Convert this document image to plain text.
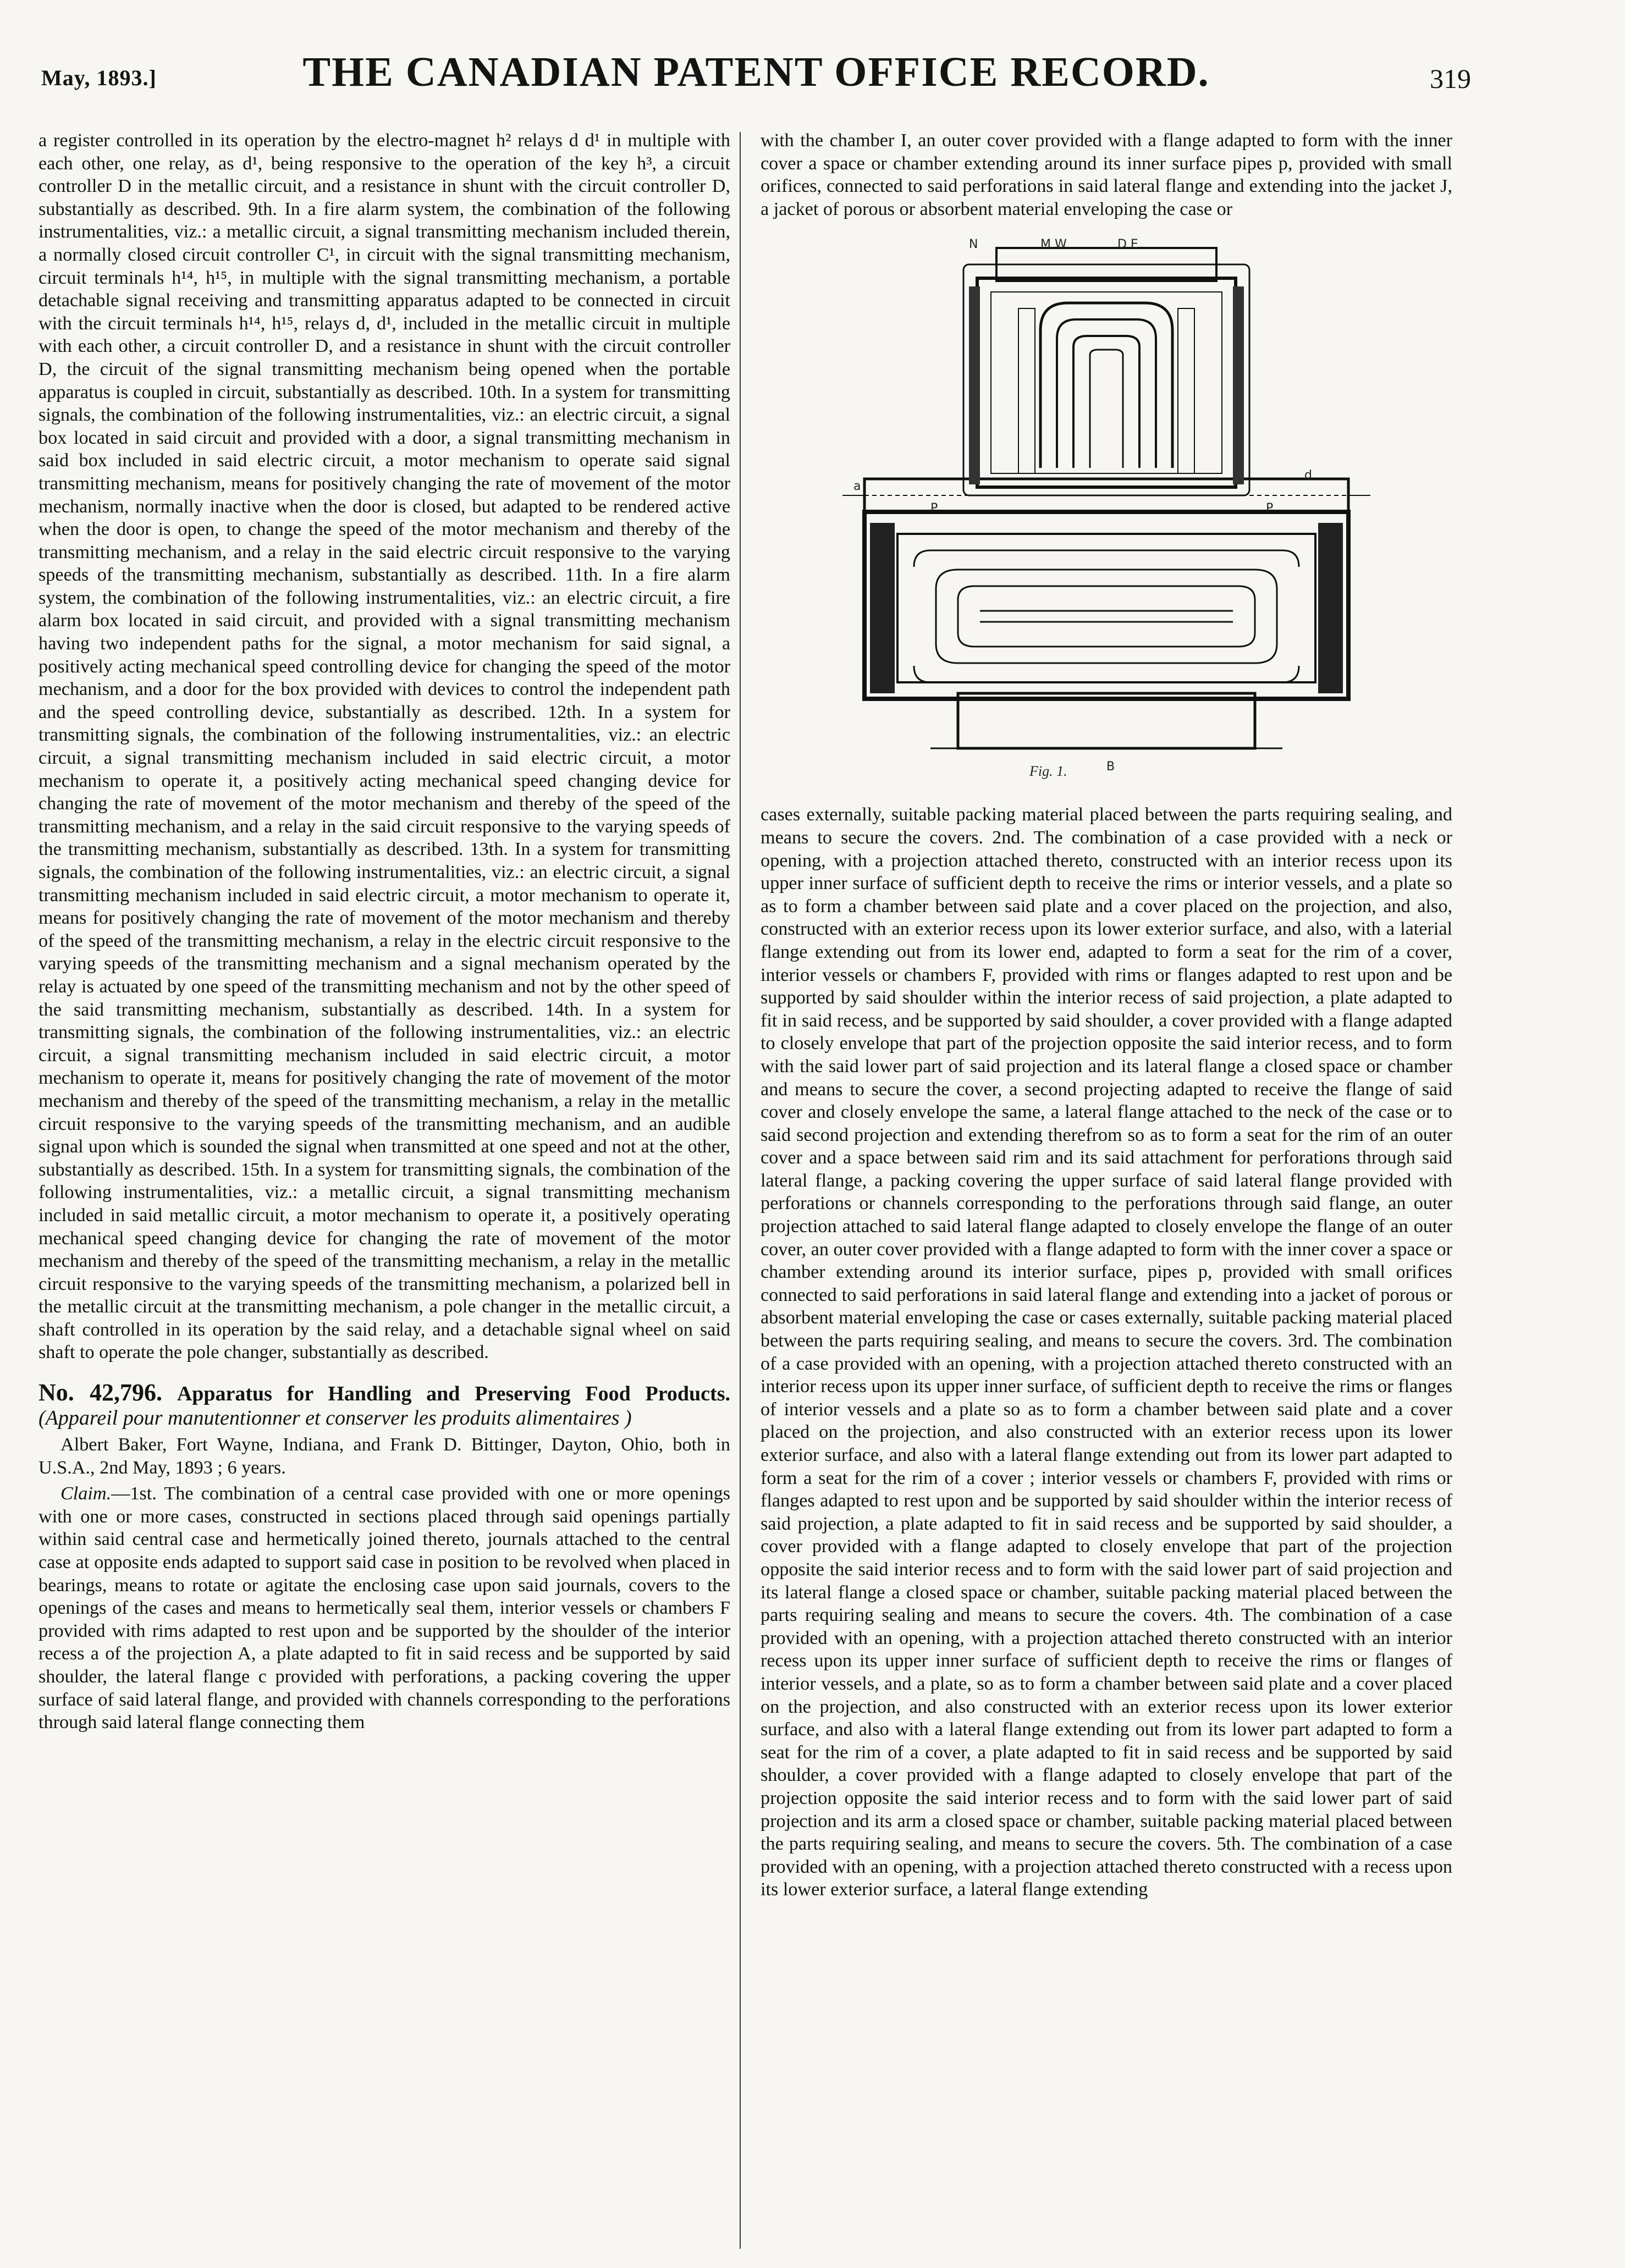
May, 1893.]	THE CANADIAN PATENT OFFICE RECORD.	319

a register controlled in its operation by the electro-magnet h² relays d d¹ in multiple with each other, one relay, as d¹, being responsive to the operation of the key h³, a circuit controller D in the metallic circuit, and a resistance in shunt with the circuit controller D, substantially as described. 9th. In a fire alarm system, the combination of the following instrumentalities, viz.: a metallic circuit, a signal transmitting mechanism included therein, a normally closed circuit controller C¹, in circuit with the signal transmitting mechanism, circuit terminals h¹⁴, h¹⁵, in multiple with the signal transmitting mechanism, a portable detachable signal receiving and transmitting apparatus adapted to be connected in circuit with the circuit terminals h¹⁴, h¹⁵, relays d, d¹, included in the metallic circuit in multiple with each other, a circuit controller D, and a resistance in shunt with the circuit controller D, the circuit of the signal transmitting mechanism being opened when the portable apparatus is coupled in circuit, substantially as described. 10th. In a system for transmitting signals, the combination of the following instrumentalities, viz.: an electric circuit, a signal box located in said circuit and provided with a door, a signal transmitting mechanism in said box included in said electric circuit, a motor mechanism to operate said signal transmitting mechanism, means for positively changing the rate of movement of the motor mechanism, normally inactive when the door is closed, but adapted to be rendered active when the door is open, to change the speed of the motor mechanism and thereby of the transmitting mechanism, and a relay in the said electric circuit responsive to the varying speeds of the transmitting mechanism, substantially as described. 11th. In a fire alarm system, the combination of the following instrumentalities, viz.: an electric circuit, a fire alarm box located in said circuit, and provided with a signal transmitting mechanism having two independent paths for the signal, a motor mechanism for said signal, a positively acting mechanical speed controlling device for changing the speed of the motor mechanism, and a door for the box provided with devices to control the independent path and the speed controlling device, substantially as described. 12th. In a system for transmitting signals, the combination of the following instrumentalities, viz.: an electric circuit, a signal transmitting mechanism included in said electric circuit, a motor mechanism to operate it, a positively acting mechanical speed changing device for changing the rate of movement of the motor mechanism and thereby of the speed of the transmitting mechanism, and a relay in the said circuit responsive to the varying speeds of the transmitting mechanism, substantially as described. 13th. In a system for transmitting signals, the combination of the following instrumentalities, viz.: an electric circuit, a signal transmitting mechanism included in said electric circuit, a motor mechanism to operate it, means for positively changing the rate of movement of the motor mechanism and thereby of the speed of the transmitting mechanism, a relay in the electric circuit responsive to the varying speeds of the transmitting mechanism and a signal mechanism operated by the relay is actuated by one speed of the transmitting mechanism and not by the other speed of the said transmitting mechanism, substantially as described. 14th. In a system for transmitting signals, the combination of the following instrumentalities, viz.: an electric circuit, a signal transmitting mechanism included in said electric circuit, a motor mechanism to operate it, means for positively changing the rate of movement of the motor mechanism and thereby of the speed of the transmitting mechanism, a relay in the metallic circuit responsive to the varying speeds of the transmitting mechanism, and an audible signal upon which is sounded the signal when transmitted at one speed and not at the other, substantially as described. 15th. In a system for transmitting signals, the combination of the following instrumentalities, viz.: a metallic circuit, a signal transmitting mechanism included in said metallic circuit, a motor mechanism to operate it, a positively operating mechanical speed changing device for changing the rate of movement of the motor mechanism and thereby of the speed of the transmitting mechanism, a relay in the metallic circuit responsive to the varying speeds of the transmitting mechanism, a polarized bell in the metallic circuit at the transmitting mechanism, a pole changer in the metallic circuit, a shaft controlled in its operation by the said relay, and a detachable signal wheel on said shaft to operate the pole changer, substantially as described.

No. 42,796. Apparatus for Handling and Preserving Food Products. (Appareil pour manutentionner et conserver les produits alimentaires )

Albert Baker, Fort Wayne, Indiana, and Frank D. Bittinger, Dayton, Ohio, both in U.S.A., 2nd May, 1893 ; 6 years.

Claim.—1st. The combination of a central case provided with one or more openings with one or more cases, constructed in sections placed through said openings partially within said central case and hermetically joined thereto, journals attached to the central case at opposite ends adapted to support said case in position to be revolved when placed in bearings, means to rotate or agitate the enclosing case upon said journals, covers to the openings of the cases and means to hermetically seal them, interior vessels or chambers F provided with rims adapted to rest upon and be supported by the shoulder of the interior recess a of the projection A, a plate adapted to fit in said recess and be supported by said shoulder, the lateral flange c provided with perforations, a packing covering the upper surface of said lateral flange, and provided with channels corresponding to the perforations through said lateral flange connecting them

with the chamber I, an outer cover provided with a flange adapted to form with the inner cover a space or chamber extending around its inner surface pipes p, provided with small orifices, connected to said perforations in said lateral flange and extending into the jacket J, a jacket of porous or absorbent material enveloping the case or

N	M W	D E
P	P
a
d
B
Fig. 1.

cases externally, suitable packing material placed between the parts requiring sealing, and means to secure the covers. 2nd. The combination of a case provided with a neck or opening, with a projection attached thereto, constructed with an interior recess upon its upper inner surface of sufficient depth to receive the rims or interior vessels, and a plate so as to form a chamber between said plate and a cover placed on the projection, and also, constructed with an exterior recess upon its lower exterior surface, and also, with a laterial flange extending out from its lower end, adapted to form a seat for the rim of a cover, interior vessels or chambers F, provided with rims or flanges adapted to rest upon and be supported by said shoulder within the interior recess of said projection, a plate adapted to fit in said recess, and be supported by said shoulder, a cover provided with a flange adapted to closely envelope that part of the projection opposite the said interior recess, and to form with the said lower part of said projection and its lateral flange a closed space or chamber and means to secure the cover, a second projecting adapted to receive the flange of said cover and closely envelope the same, a lateral flange attached to the neck of the case or to said second projection and extending therefrom so as to form a seat for the rim of an outer cover and a space between said rim and its said attachment for perforations through said lateral flange, a packing covering the upper surface of said lateral flange provided with perforations or channels corresponding to the perforations through said flange, an outer projection attached to said lateral flange adapted to closely envelope the flange of an outer cover, an outer cover provided with a flange adapted to form with the inner cover a space or chamber extending around its interior surface, pipes p, provided with small orifices connected to said perforations in said lateral flange and extending into a jacket of porous or absorbent material enveloping the case or cases externally, suitable packing material placed between the parts requiring sealing, and means to secure the covers. 3rd. The combination of a case provided with an opening, with a projection attached thereto constructed with an interior recess upon its upper inner surface, of sufficient depth to receive the rims or flanges of interior vessels and a plate so as to form a chamber between said plate and a cover placed on the projection, and also constructed with an exterior recess upon its lower exterior surface, and also with a lateral flange extending out from its lower part adapted to form a seat for the rim of a cover ; interior vessels or chambers F, provided with rims or flanges adapted to rest upon and be supported by said shoulder within the interior recess of said projection, a plate adapted to fit in said recess and be supported by said shoulder, a cover provided with a flange adapted to closely envelope that part of the projection opposite the said interior recess and to form with the said lower part of said projection and its lateral flange a closed space or chamber, suitable packing material placed between the parts requiring sealing and means to secure the covers. 4th. The combination of a case provided with an opening, with a projection attached thereto constructed with an interior recess upon its upper inner surface of sufficient depth to receive the rims or flanges of interior vessels, and a plate, so as to form a chamber between said plate and a cover placed on the projection, and also constructed with an exterior recess upon its lower exterior surface, and also with a lateral flange extending out from its lower part adapted to form a seat for the rim of a cover, a plate adapted to fit in said recess and be supported by said shoulder, a cover provided with a flange adapted to closely envelope that part of the projection opposite the said interior recess and to form with the said lower part of said projection and its arm a closed space or chamber, suitable packing material placed between the parts requiring sealing, and means to secure the covers. 5th. The combination of a case provided with an opening, with a projection attached thereto constructed with a recess upon its lower exterior surface, a lateral flange extending
